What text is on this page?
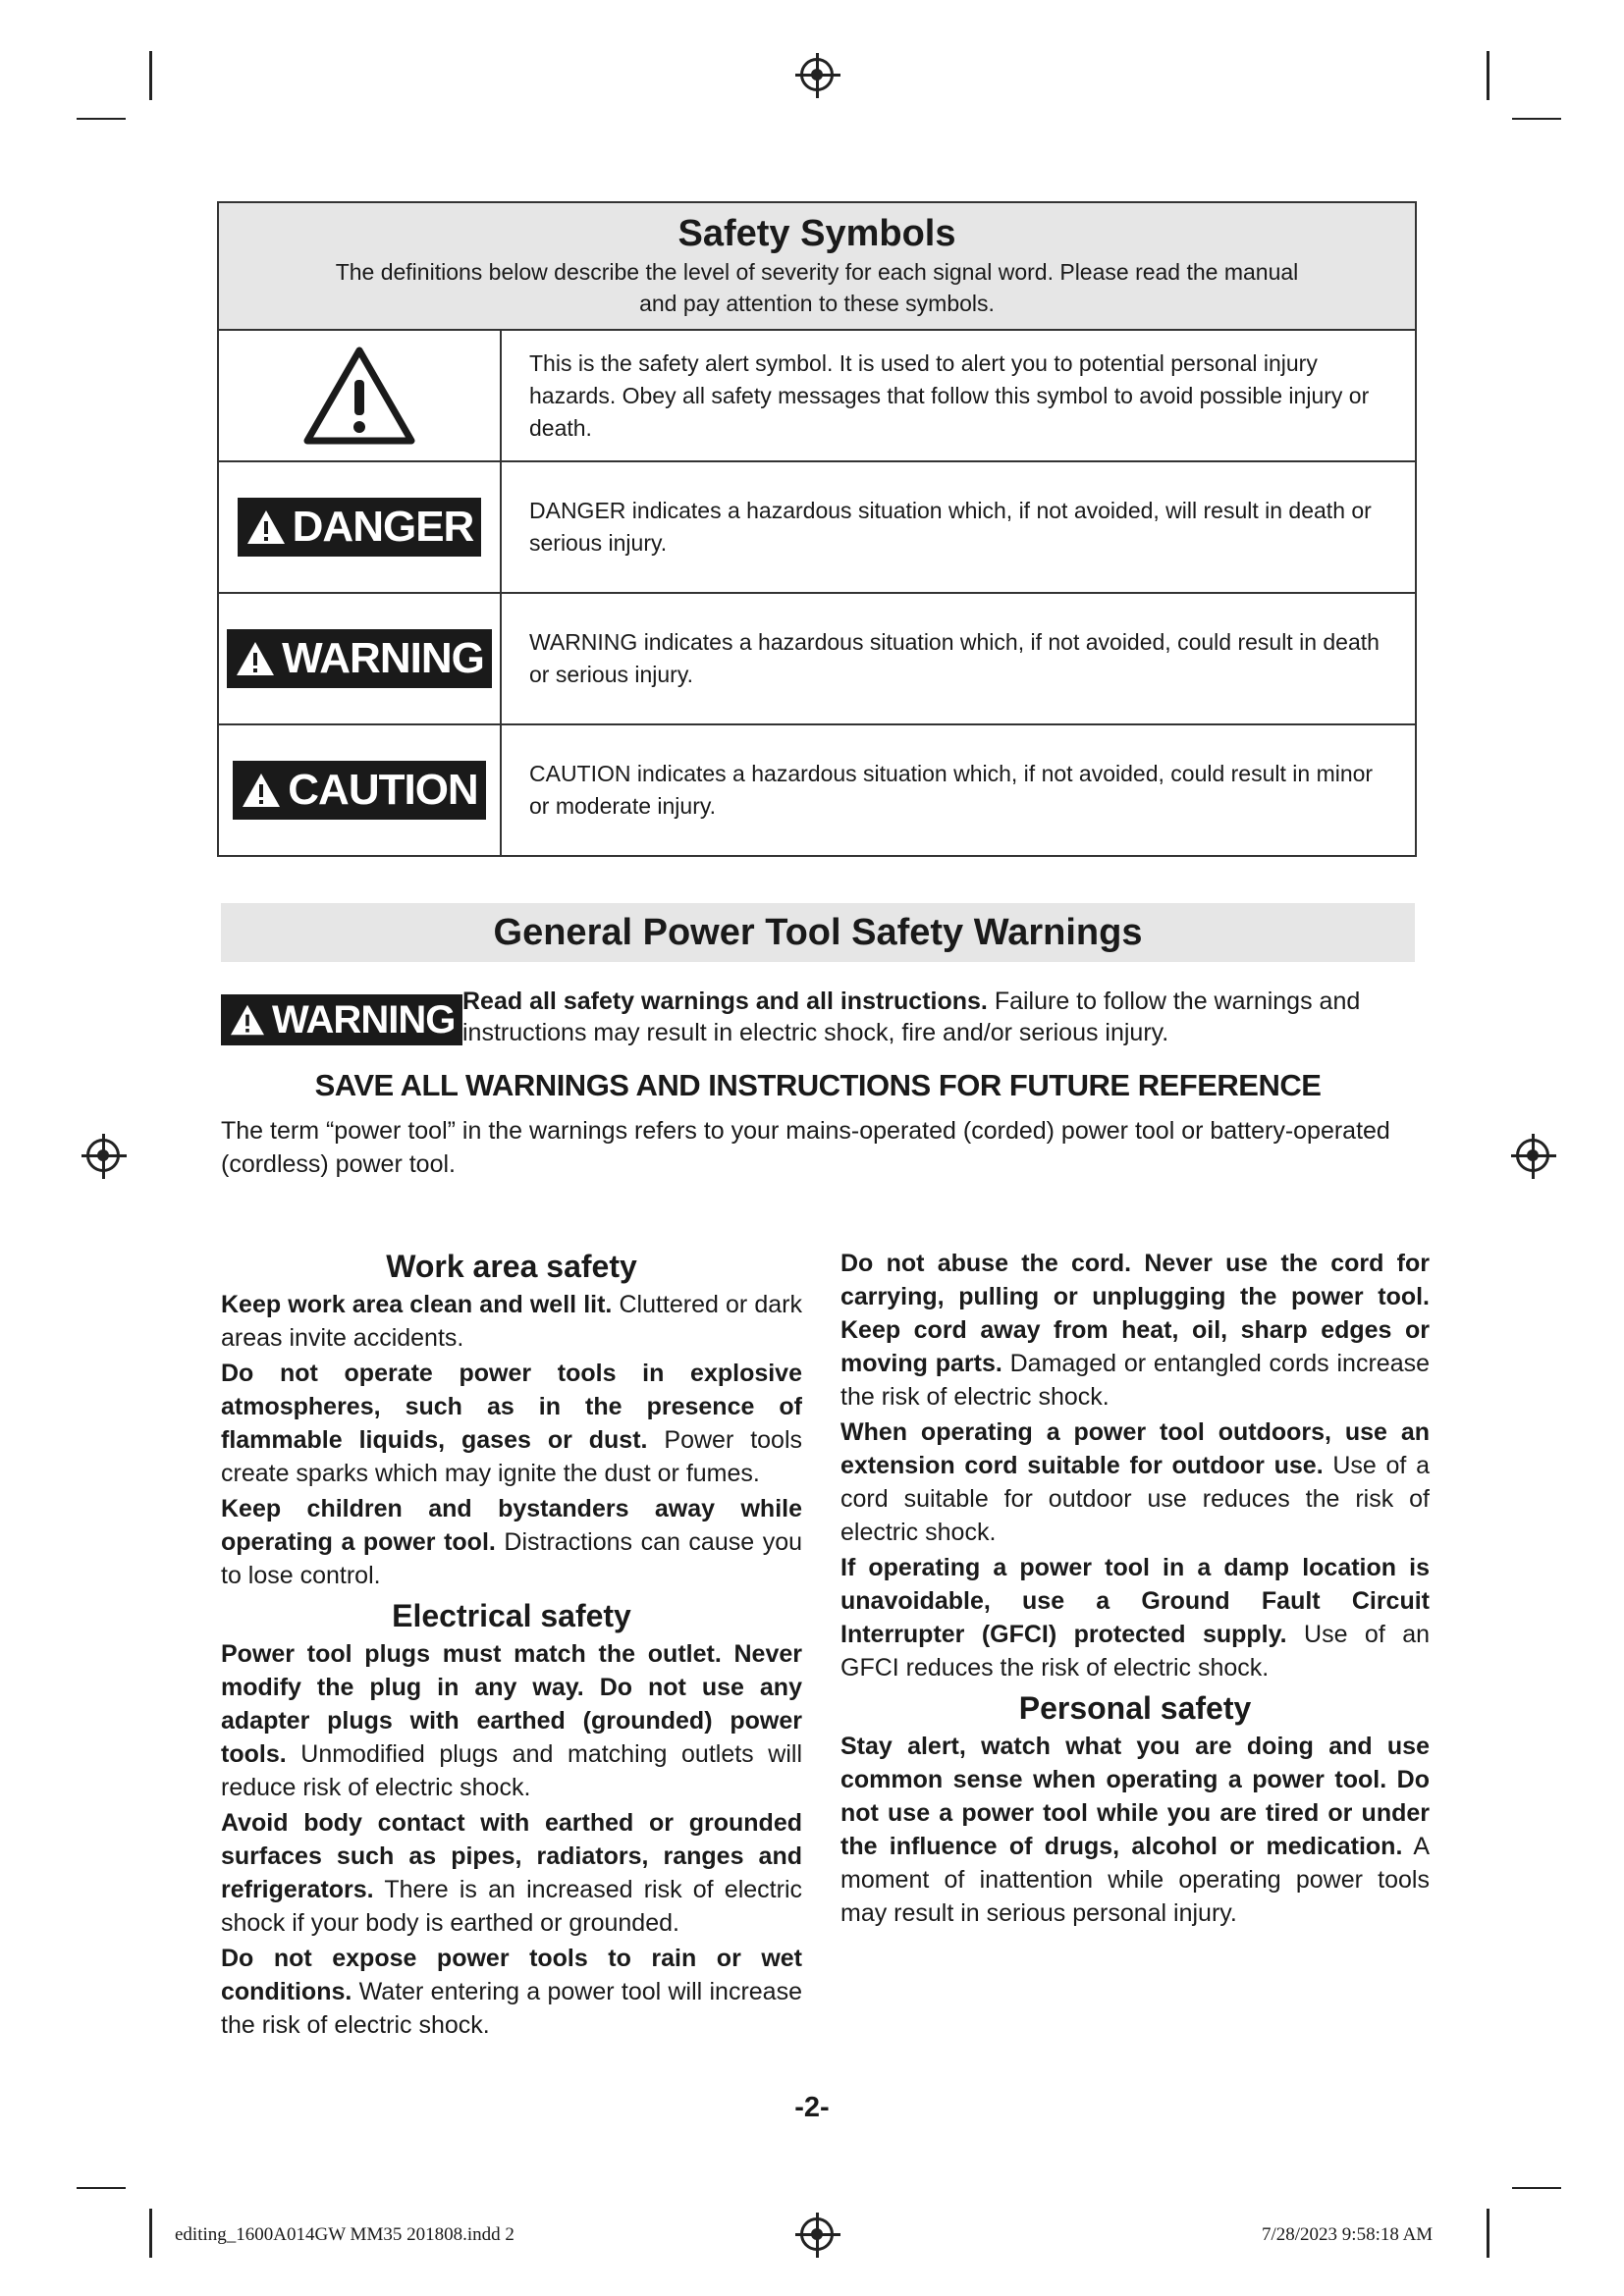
Safety Symbols
The definitions below describe the level of severity for each signal word. Please read the manual and pay attention to these symbols.
This is the safety alert symbol. It is used to alert you to potential personal injury hazards. Obey all safety messages that follow this symbol to avoid possible injury or death.
DANGER DANGER indicates a hazardous situation which, if not avoided, will result in death or serious injury.
WARNING WARNING indicates a hazardous situation which, if not avoided, could result in death or serious injury.
CAUTION CAUTION indicates a hazardous situation which, if not avoided, could result in minor or moderate injury.
General Power Tool Safety Warnings
WARNING Read all safety warnings and all instructions. Failure to follow the warnings and instructions may result in electric shock, fire and/or serious injury.
SAVE ALL WARNINGS AND INSTRUCTIONS FOR FUTURE REFERENCE
The term “power tool” in the warnings refers to your mains-operated (corded) power tool or battery-operated (cordless) power tool.
Work area safety

Keep work area clean and well lit. Cluttered or dark areas invite accidents.

Do not operate power tools in explosive atmospheres, such as in the presence of flammable liquids, gases or dust. Power tools create sparks which may ignite the dust or fumes.

Keep children and bystanders away while operating a power tool. Distractions can cause you to lose control.

Electrical safety

Power tool plugs must match the outlet. Never modify the plug in any way. Do not use any adapter plugs with earthed (grounded) power tools. Unmodified plugs and matching outlets will reduce risk of electric shock.

Avoid body contact with earthed or grounded surfaces such as pipes, radiators, ranges and refrigerators. There is an increased risk of electric shock if your body is earthed or grounded.

Do not expose power tools to rain or wet conditions. Water entering a power tool will increase the risk of electric shock.

Do not abuse the cord. Never use the cord for carrying, pulling or unplugging the power tool. Keep cord away from heat, oil, sharp edges or moving parts. Damaged or entangled cords increase the risk of electric shock.

When operating a power tool outdoors, use an extension cord suitable for outdoor use. Use of a cord suitable for outdoor use reduces the risk of electric shock.

If operating a power tool in a damp location is unavoidable, use a Ground Fault Circuit Interrupter (GFCI) protected supply. Use of an GFCI reduces the risk of electric shock.

Personal safety

Stay alert, watch what you are doing and use common sense when operating a power tool. Do not use a power tool while you are tired or under the influence of drugs, alcohol or medication. A moment of inattention while operating power tools may result in serious personal injury.

-2-
editing_1600A014GW MM35 201808.indd 2	7/28/2023 9:58:18 AM
